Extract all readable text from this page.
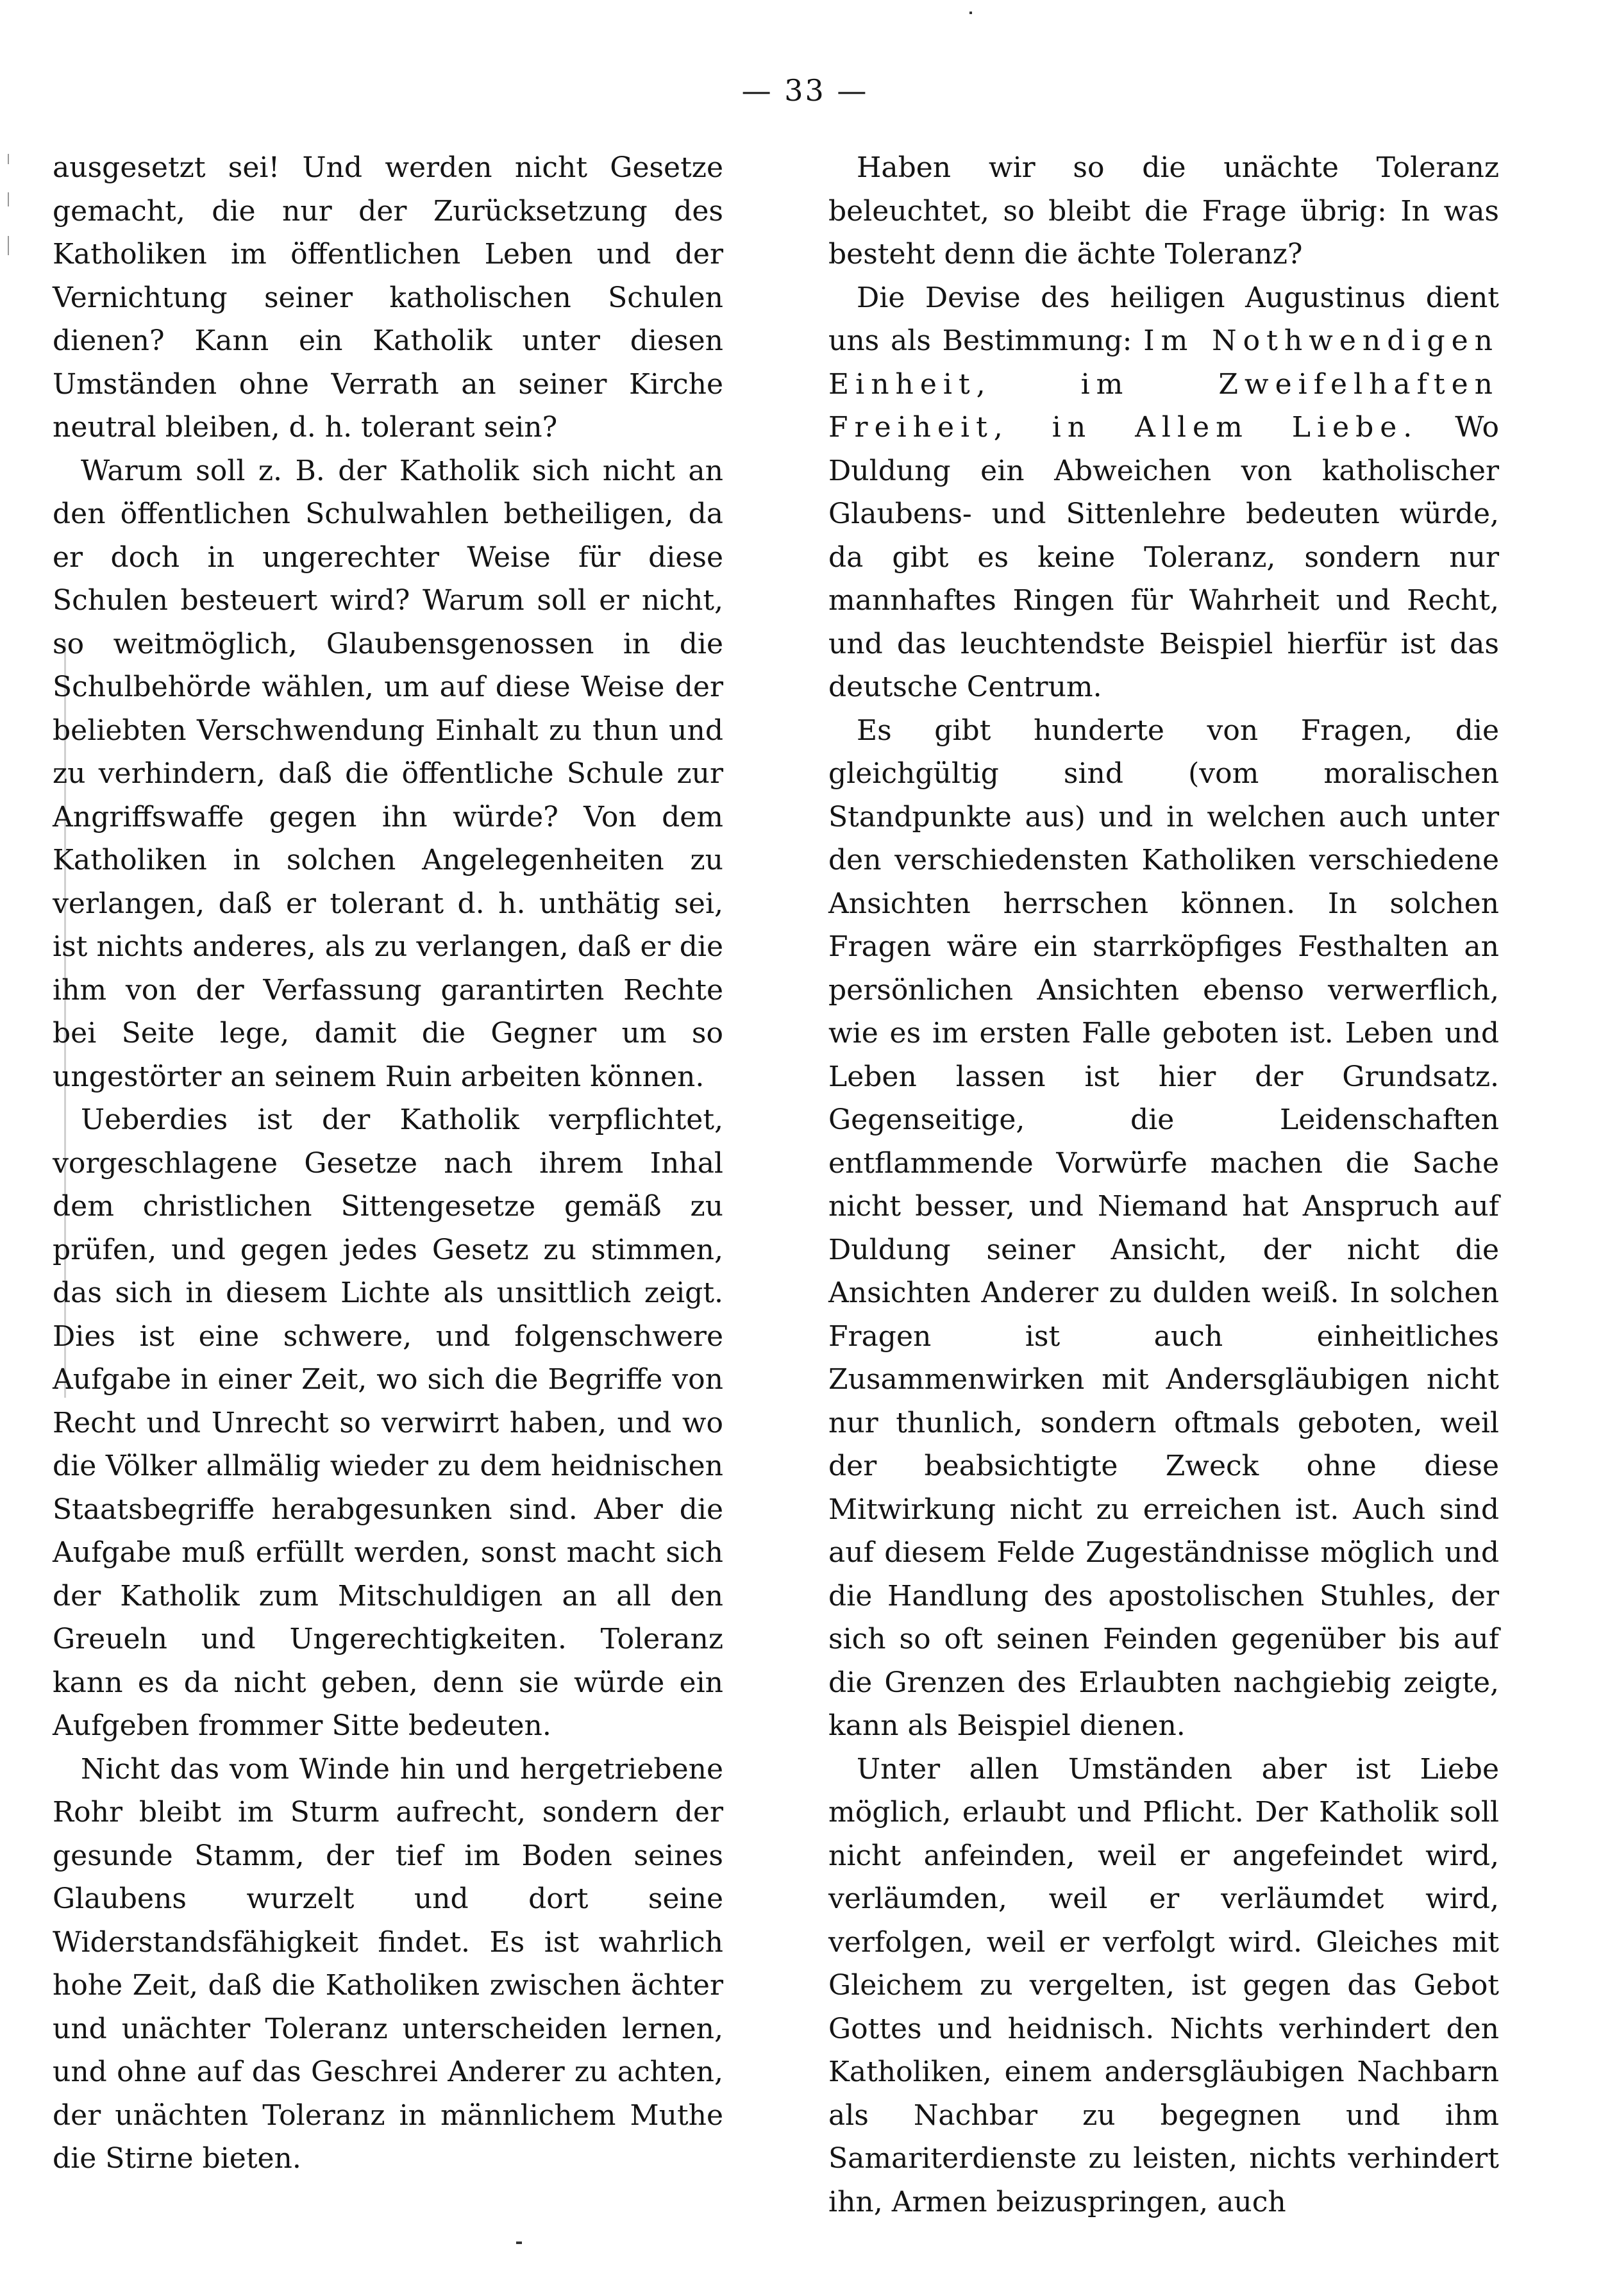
— 33 —

ausgesetzt sei! Und werden nicht Gesetze gemacht, die nur der Zurücksetzung des Katholiken im öffentlichen Leben und der Vernichtung seiner katholischen Schulen dienen? Kann ein Katholik unter diesen Umständen ohne Verrath an seiner Kirche neutral bleiben, d. h. tolerant sein?

Warum soll z. B. der Katholik sich nicht an den öffentlichen Schulwahlen betheiligen, da er doch in ungerechter Weise für diese Schulen besteuert wird? Warum soll er nicht, so weitmöglich, Glaubensgenossen in die Schulbehörde wählen, um auf diese Weise der beliebten Verschwendung Einhalt zu thun und zu verhindern, daß die öffentliche Schule zur Angriffswaffe gegen ihn würde? Von dem Katholiken in solchen Angelegenheiten zu verlangen, daß er tolerant d. h. unthätig sei, ist nichts anderes, als zu verlangen, daß er die ihm von der Verfassung garantirten Rechte bei Seite lege, damit die Gegner um so ungestörter an seinem Ruin arbeiten können.

Ueberdies ist der Katholik verpflichtet, vorgeschlagene Gesetze nach ihrem Inhal dem christlichen Sittengesetze gemäß zu prüfen, und gegen jedes Gesetz zu stimmen, das sich in diesem Lichte als unsittlich zeigt. Dies ist eine schwere, und folgenschwere Aufgabe in einer Zeit, wo sich die Begriffe von Recht und Unrecht so verwirrt haben, und wo die Völker allmälig wieder zu dem heidnischen Staatsbegriffe herabgesunken sind. Aber die Aufgabe muß erfüllt werden, sonst macht sich der Katholik zum Mitschuldigen an all den Greueln und Ungerechtigkeiten. Toleranz kann es da nicht geben, denn sie würde ein Aufgeben frommer Sitte bedeuten.

Nicht das vom Winde hin und hergetriebene Rohr bleibt im Sturm aufrecht, sondern der gesunde Stamm, der tief im Boden seines Glaubens wurzelt und dort seine Widerstandsfähigkeit findet. Es ist wahrlich hohe Zeit, daß die Katholiken zwischen ächter und unächter Toleranz unterscheiden lernen, und ohne auf das Geschrei Anderer zu achten, der unächten Toleranz in männlichem Muthe die Stirne bieten.

Haben wir so die unächte Toleranz beleuchtet, so bleibt die Frage übrig: In was besteht denn die ächte Toleranz?

Die Devise des heiligen Augustinus dient uns als Bestimmung: Im Nothwendigen Einheit, im Zweifelhaften Freiheit, in Allem Liebe. Wo Duldung ein Abweichen von katholischer Glaubens- und Sittenlehre bedeuten würde, da gibt es keine Toleranz, sondern nur mannhaftes Ringen für Wahrheit und Recht, und das leuchtendste Beispiel hierfür ist das deutsche Centrum.

Es gibt hunderte von Fragen, die gleichgültig sind (vom moralischen Standpunkte aus) und in welchen auch unter den verschiedensten Katholiken verschiedene Ansichten herrschen können. In solchen Fragen wäre ein starrköpfiges Festhalten an persönlichen Ansichten ebenso verwerflich, wie es im ersten Falle geboten ist. Leben und Leben lassen ist hier der Grundsatz. Gegenseitige, die Leidenschaften entflammende Vorwürfe machen die Sache nicht besser, und Niemand hat Anspruch auf Duldung seiner Ansicht, der nicht die Ansichten Anderer zu dulden weiß. In solchen Fragen ist auch einheitliches Zusammenwirken mit Andersgläubigen nicht nur thunlich, sondern oftmals geboten, weil der beabsichtigte Zweck ohne diese Mitwirkung nicht zu erreichen ist. Auch sind auf diesem Felde Zugeständnisse möglich und die Handlung des apostolischen Stuhles, der sich so oft seinen Feinden gegenüber bis auf die Grenzen des Erlaubten nachgiebig zeigte, kann als Beispiel dienen.

Unter allen Umständen aber ist Liebe möglich, erlaubt und Pflicht. Der Katholik soll nicht anfeinden, weil er angefeindet wird, verläumden, weil er verläumdet wird, verfolgen, weil er verfolgt wird. Gleiches mit Gleichem zu vergelten, ist gegen das Gebot Gottes und heidnisch. Nichts verhindert den Katholiken, einem andersgläubigen Nachbarn als Nachbar zu begegnen und ihm Samariterdienste zu leisten, nichts verhindert ihn, Armen beizuspringen, auch
